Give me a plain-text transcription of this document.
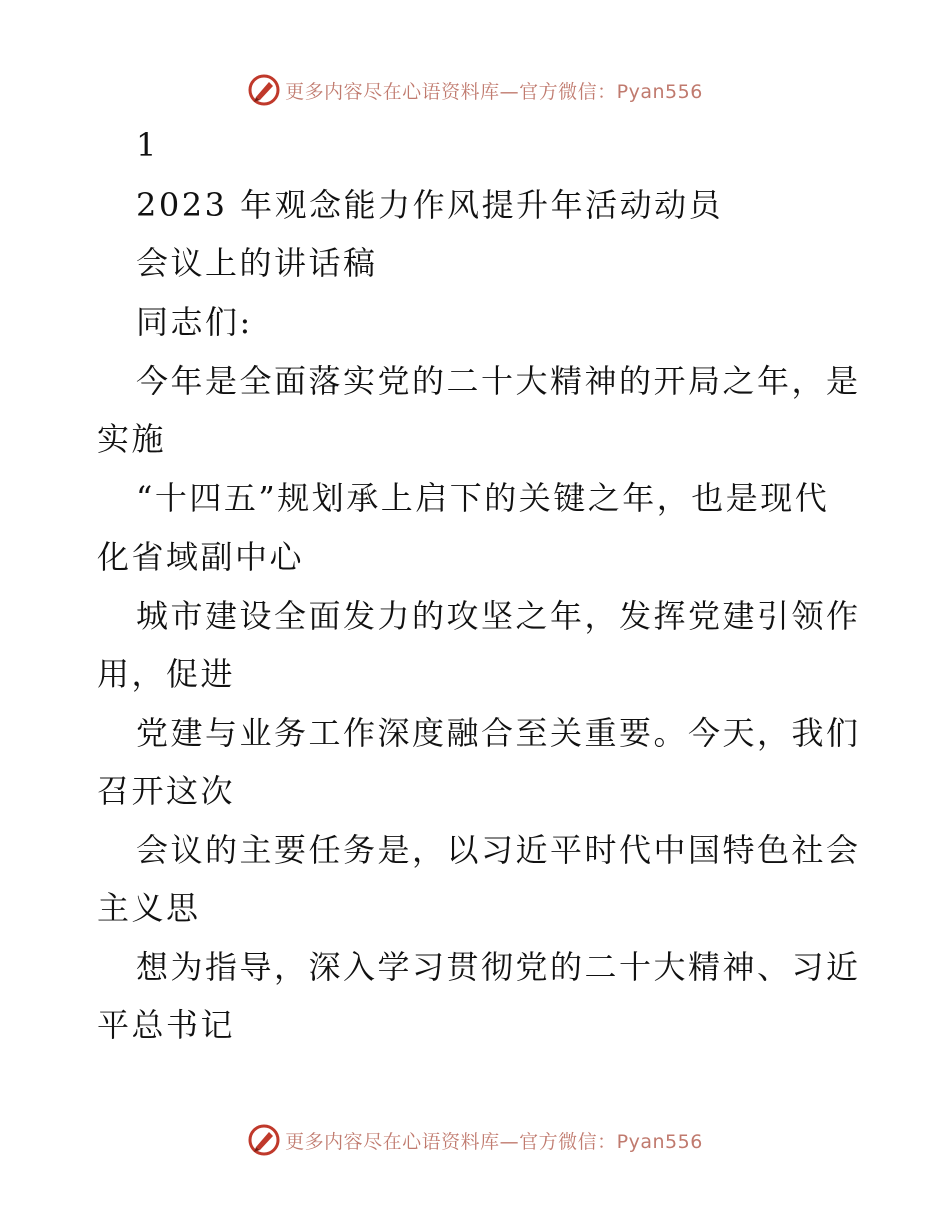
更多内容尽在心语资料库—官方微信：Pyan556
1
2023 年观念能力作风提升年活动动员
会议上的讲话稿
同志们:
今年是全面落实党的二十大精神的开局之年，是
实施
“十四五”规划承上启下的关键之年，也是现代
化省域副中心
城市建设全面发力的攻坚之年，发挥党建引领作
用，促进
党建与业务工作深度融合至关重要。今天，我们
召开这次
会议的主要任务是，以习近平时代中国特色社会
主义思
想为指导，深入学习贯彻党的二十大精神、习近
平总书记
更多内容尽在心语资料库—官方微信：Pyan556
